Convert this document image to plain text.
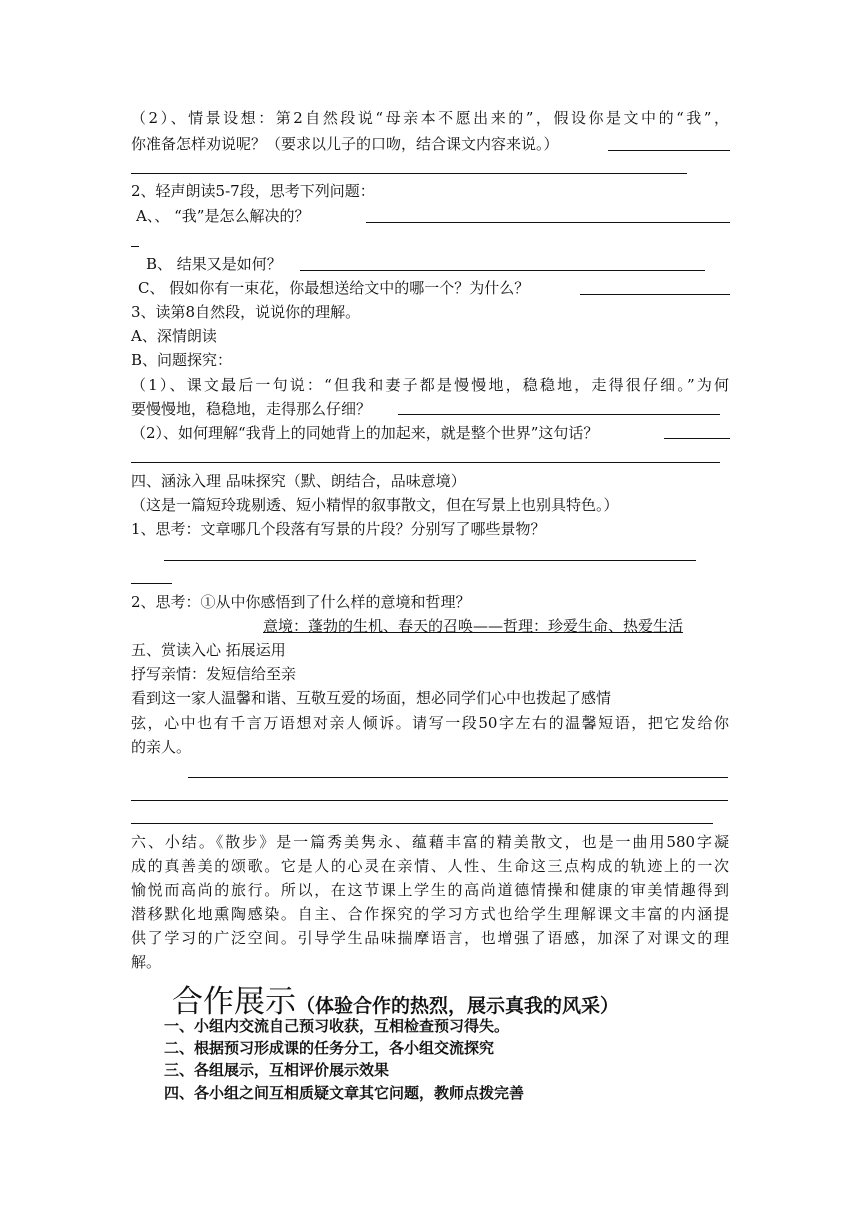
（2）、情景设想：第2自然段说“母亲本不愿出来的”，假设你是文中的“我”，
你准备怎样劝说呢？（要求以儿子的口吻，结合课文内容来说。）
2、轻声朗读5-7段，思考下列问题：
A、、 “我”是怎么解决的？
B、 结果又是如何？
C、 假如你有一束花，你最想送给文中的哪一个？为什么？
3、读第8自然段，说说你的理解。
A、深情朗读
B、问题探究：
（1）、课文最后一句说：“但我和妻子都是慢慢地，稳稳地，走得很仔细。”为何
要慢慢地，稳稳地，走得那么仔细？
（2）、如何理解“我背上的同她背上的加起来，就是整个世界”这句话？
四、涵泳入理 品味探究（默、朗结合，品味意境）
（这是一篇短玲珑剔透、短小精悍的叙事散文，但在写景上也别具特色。）
1、思考：文章哪几个段落有写景的片段？分别写了哪些景物？
2、思考：①从中你感悟到了什么样的意境和哲理？
意境：蓬勃的生机、春天的召唤——哲理：珍爱生命、热爱生活
五、赏读入心 拓展运用
抒写亲情：发短信给至亲
看到这一家人温馨和谐、互敬互爱的场面，想必同学们心中也拨起了感情
弦，心中也有千言万语想对亲人倾诉。请写一段50字左右的温馨短语，把它发给你
的亲人。
六、小结。《散步》是一篇秀美隽永、蕴藉丰富的精美散文，也是一曲用580字凝
成的真善美的颂歌。它是人的心灵在亲情、人性、生命这三点构成的轨迹上的一次
愉悦而高尚的旅行。所以，在这节课上学生的高尚道德情操和健康的审美情趣得到
潜移默化地熏陶感染。自主、合作探究的学习方式也给学生理解课文丰富的内涵提
供了学习的广泛空间。引导学生品味揣摩语言，也增强了语感，加深了对课文的理
解。
合作展示（体验合作的热烈，展示真我的风采）
一、小组内交流自己预习收获，互相检查预习得失。
二、根据预习形成课的任务分工，各小组交流探究
三、各组展示，互相评价展示效果
四、各小组之间互相质疑文章其它问题，教师点拨完善
